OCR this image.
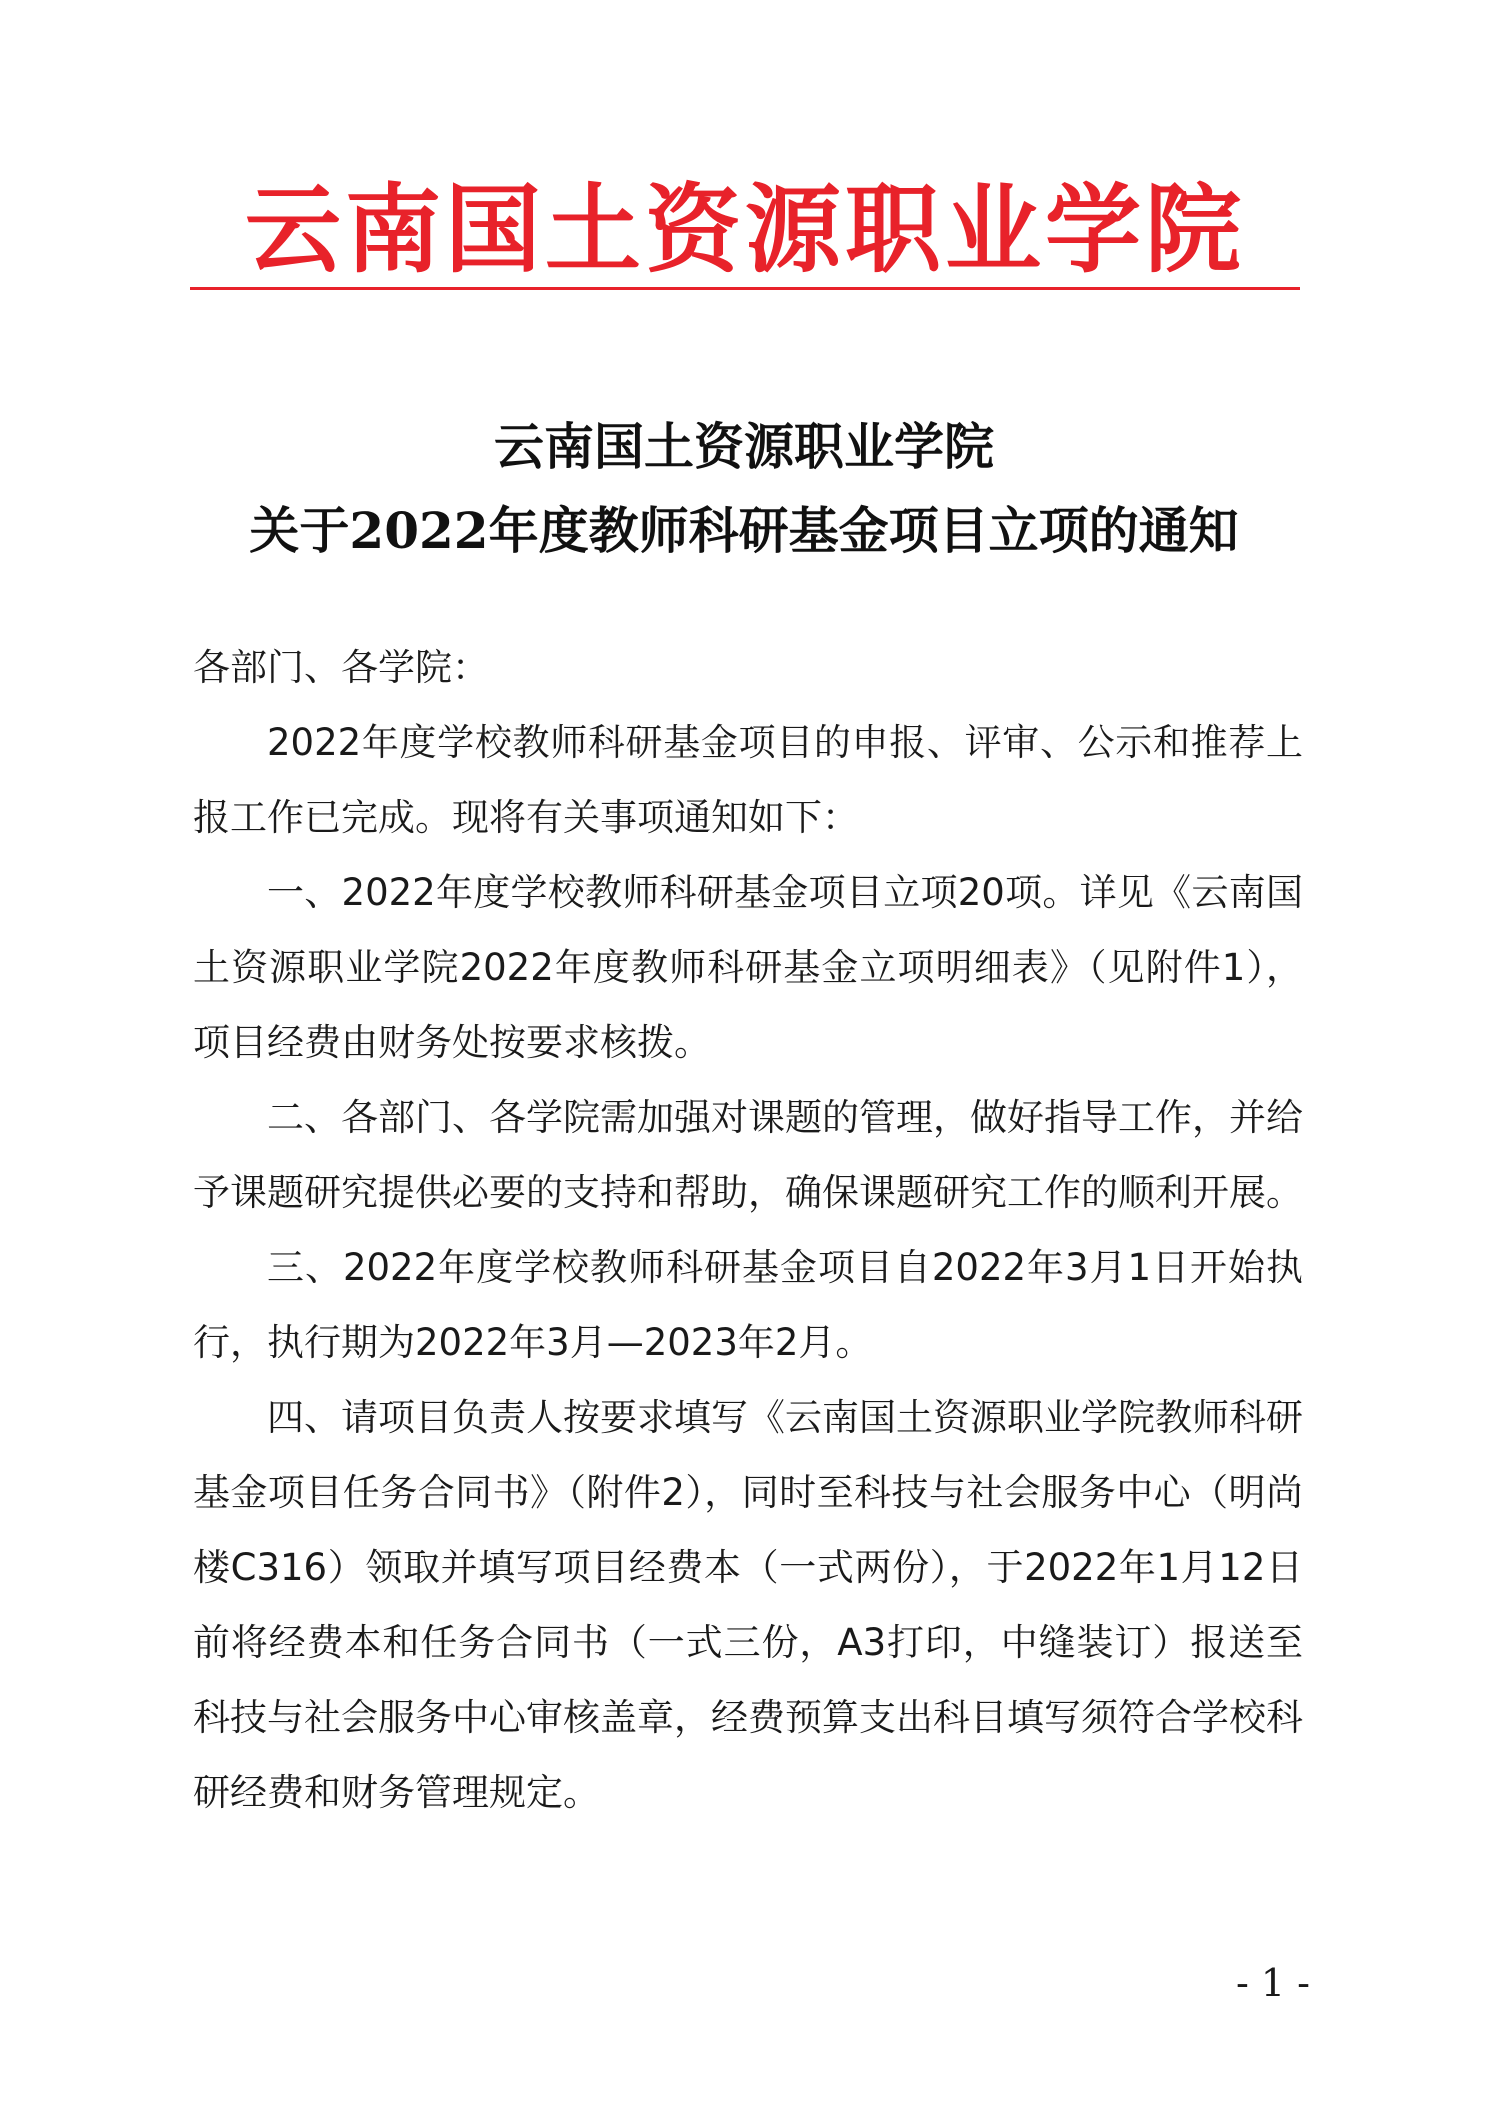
云南国土资源职业学院
云南国土资源职业学院
关于2022年度教师科研基金项目立项的通知

各部门、各学院：

2022年度学校教师科研基金项目的申报、评审、公示和推荐上报工作已完成。现将有关事项通知如下：

一、2022年度学校教师科研基金项目立项20项。详见《云南国土资源职业学院2022年度教师科研基金立项明细表》（见附件1），项目经费由财务处按要求核拨。

二、各部门、各学院需加强对课题的管理，做好指导工作，并给予课题研究提供必要的支持和帮助，确保课题研究工作的顺利开展。

三、2022年度学校教师科研基金项目自2022年3月1日开始执行，执行期为2022年3月—2023年2月。

四、请项目负责人按要求填写《云南国土资源职业学院教师科研基金项目任务合同书》（附件2），同时至科技与社会服务中心（明尚楼C316）领取并填写项目经费本（一式两份），于2022年1月12日前将经费本和任务合同书（一式三份，A3打印，中缝装订）报送至科技与社会服务中心审核盖章，经费预算支出科目填写须符合学校科研经费和财务管理规定。

- 1 -
